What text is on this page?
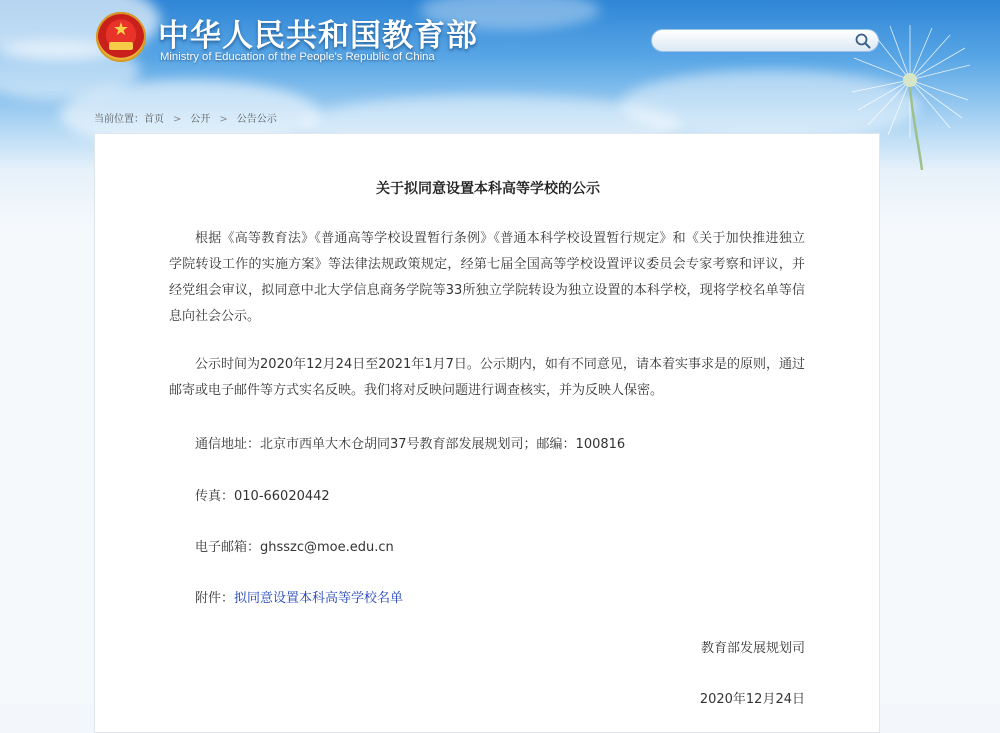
★ 中华人民共和国教育部

Ministry of Education of the People's Republic of China

当前位置：首页 > 公开 > 公告公示
关于拟同意设置本科高等学校的公示

根据《高等教育法》《普通高等学校设置暂行条例》《普通本科学校设置暂行规定》和《关于加快推进独立学院转设工作的实施方案》等法律法规政策规定，经第七届全国高等学校设置评议委员会专家考察和评议，并经党组会审议，拟同意中北大学信息商务学院等33所独立学院转设为独立设置的本科学校，现将学校名单等信息向社会公示。

公示时间为2020年12月24日至2021年1月7日。公示期内，如有不同意见，请本着实事求是的原则，通过邮寄或电子邮件等方式实名反映。我们将对反映问题进行调查核实，并为反映人保密。

通信地址：北京市西单大木仓胡同37号教育部发展规划司；邮编：100816

传真：010-66020442

电子邮箱：ghsszc@moe.edu.cn

附件：拟同意设置本科高等学校名单

教育部发展规划司

2020年12月24日
